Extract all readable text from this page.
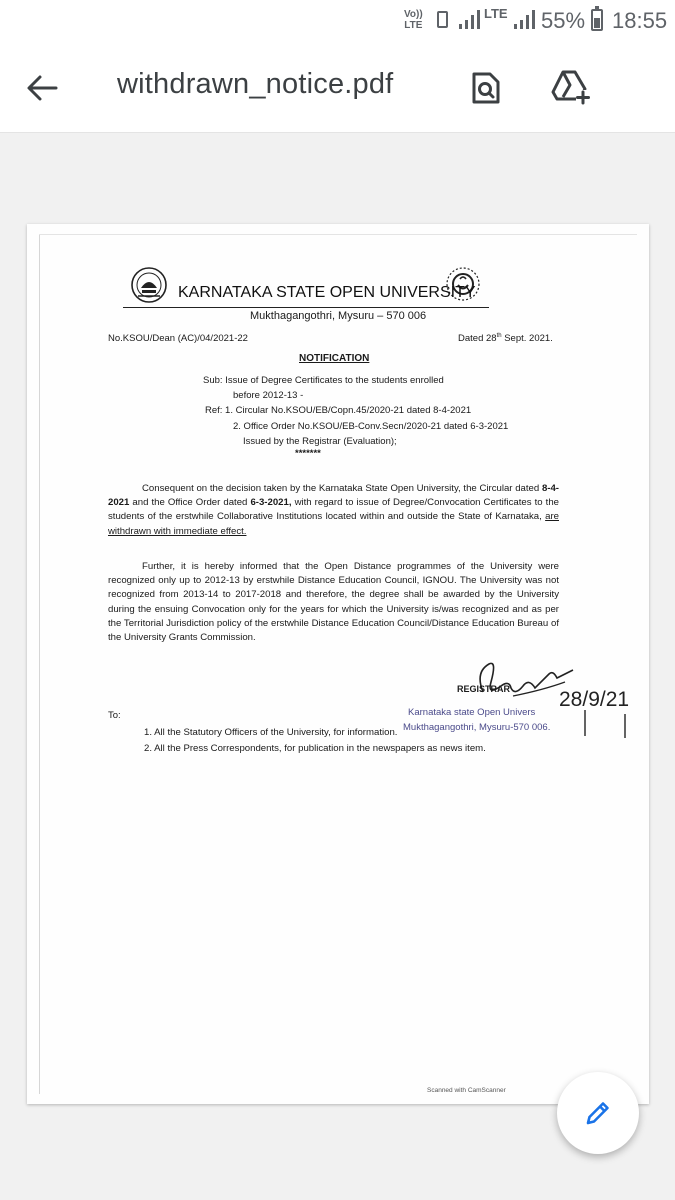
Vo))
LTE
LTE 55% 18:55
withdrawn_notice.pdf
KARNATAKA STATE OPEN UNIVERSITY
Mukthagangothri, Mysuru – 570 006
No.KSOU/Dean (AC)/04/2021-22	Dated 28th Sept. 2021.
NOTIFICATION
Sub: Issue of Degree Certificates to the students enrolled
before 2012-13 -
Ref: 1. Circular No.KSOU/EB/Copn.45/2020-21 dated 8-4-2021
2. Office Order No.KSOU/EB-Conv.Secn/2020-21 dated 6-3-2021
Issued by the Registrar (Evaluation);
*******
Consequent on the decision taken by the Karnataka State Open University, the Circular dated 8-4-2021 and the Office Order dated 6-3-2021, with regard to issue of Degree/Convocation Certificates to the students of the erstwhile Collaborative Institutions located within and outside the State of Karnataka, are withdrawn with immediate effect.
Further, it is hereby informed that the Open Distance programmes of the University were recognized only up to 2012-13 by erstwhile Distance Education Council, IGNOU. The University was not recognized from 2013-14 to 2017-2018 and therefore, the degree shall be awarded by the University during the ensuing Convocation only for the years for which the University is/was recognized and as per the Territorial Jurisdiction policy of the erstwhile Distance Education Council/Distance Education Bureau of the University Grants Commission.
REGISTRAR
Karnataka state Open Univers
Mukthagangothri, Mysuru-570 006.
28/9/21
To:
1. All the Statutory Officers of the University, for information.
2. All the Press Correspondents, for publication in the newspapers as news item.
Scanned with CamScanner
